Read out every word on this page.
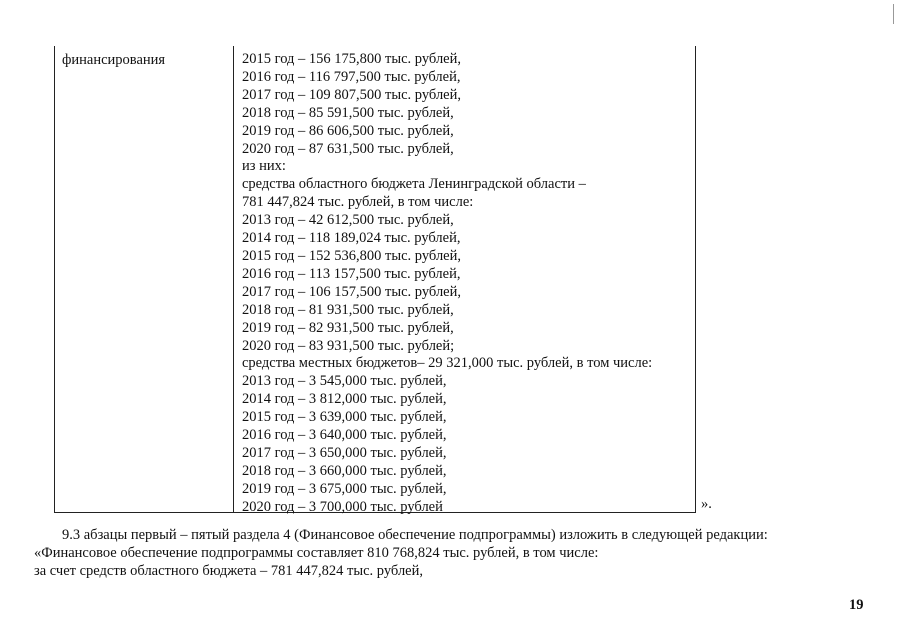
финансирования	2015 год – 156 175,800 тыс. рублей,
2016 год – 116 797,500 тыс. рублей,
2017 год – 109 807,500 тыс. рублей,
2018 год – 85 591,500 тыс. рублей,
2019 год – 86 606,500 тыс. рублей,
2020 год – 87 631,500 тыс. рублей,
из них:
средства областного бюджета Ленинградской области –
781 447,824 тыс. рублей, в том числе:
2013 год – 42 612,500 тыс. рублей,
2014 год – 118 189,024 тыс. рублей,
2015 год – 152 536,800 тыс. рублей,
2016 год – 113 157,500 тыс. рублей,
2017 год – 106 157,500 тыс. рублей,
2018 год – 81 931,500 тыс. рублей,
2019 год – 82 931,500 тыс. рублей,
2020 год – 83 931,500 тыс. рублей;
средства местных бюджетов– 29 321,000 тыс. рублей, в том числе:
2013 год – 3 545,000 тыс. рублей,
2014 год – 3 812,000 тыс. рублей,
2015 год – 3 639,000 тыс. рублей,
2016 год – 3 640,000 тыс. рублей,
2017 год – 3 650,000 тыс. рублей,
2018 год – 3 660,000 тыс. рублей,
2019 год – 3 675,000 тыс. рублей,
2020 год – 3 700,000 тыс. рублей	».
9.3 абзацы первый – пятый раздела 4 (Финансовое обеспечение подпрограммы) изложить в следующей редакции:
«Финансовое обеспечение подпрограммы составляет 810 768,824 тыс. рублей, в том числе:
за счет средств областного бюджета – 781 447,824 тыс. рублей,
19
